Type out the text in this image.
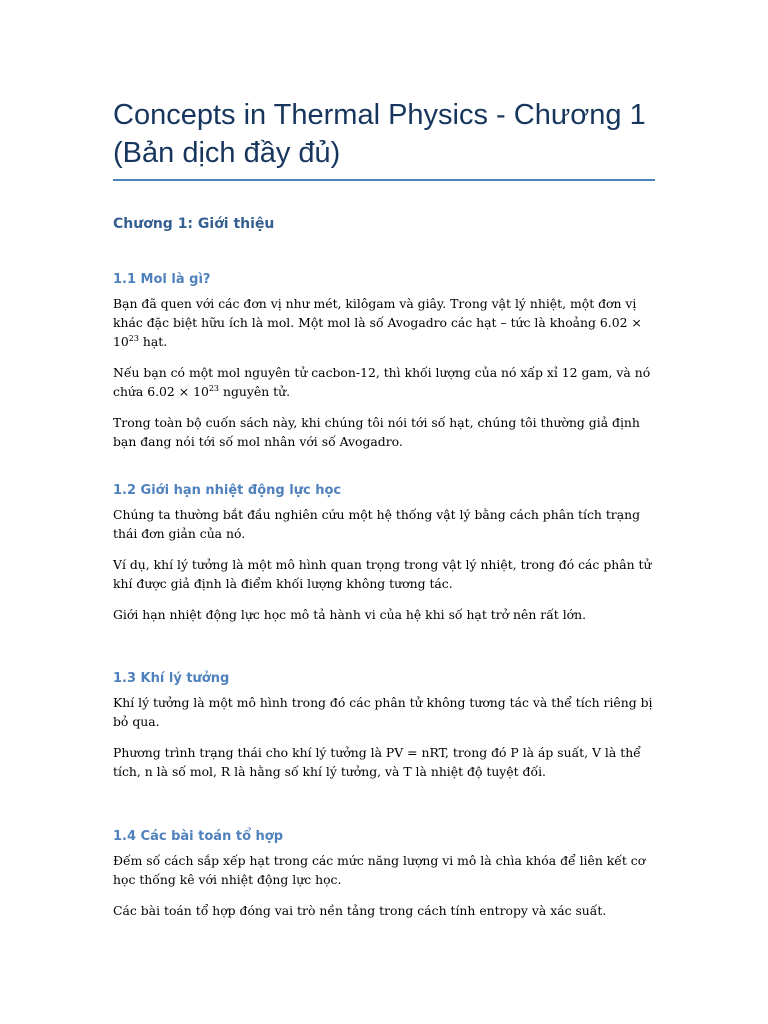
Concepts in Thermal Physics - Chương 1
(Bản dịch đầy đủ)
Chương 1: Giới thiệu
1.1 Mol là gì?

Bạn đã quen với các đơn vị như mét, kilôgam và giây. Trong vật lý nhiệt, một đơn vị khác đặc biệt hữu ích là mol. Một mol là số Avogadro các hạt – tức là khoảng $6.02 \times 10^{23}$ hạt.

Nếu bạn có một mol nguyên tử cacbon-12, thì khối lượng của nó xấp xỉ 12 gam, và nó chứa $6.02 \times 10^{23}$ nguyên tử.

Trong toàn bộ cuốn sách này, khi chúng tôi nói tới số hạt, chúng tôi thường giả định bạn đang nói tới số mol nhân với số Avogadro.

1.2 Giới hạn nhiệt động lực học

Chúng ta thường bắt đầu nghiên cứu một hệ thống vật lý bằng cách phân tích trạng thái đơn giản của nó.

Ví dụ, khí lý tưởng là một mô hình quan trọng trong vật lý nhiệt, trong đó các phân tử khí được giả định là điểm khối lượng không tương tác.

Giới hạn nhiệt động lực học mô tả hành vi của hệ khi số hạt trở nên rất lớn.

1.3 Khí lý tưởng

Khí lý tưởng là một mô hình trong đó các phân tử không tương tác và thể tích riêng bị bỏ qua.

Phương trình trạng thái cho khí lý tưởng là PV = nRT, trong đó P là áp suất, V là thể tích, n là số mol, R là hằng số khí lý tưởng, và T là nhiệt độ tuyệt đối.

1.4 Các bài toán tổ hợp

Đếm số cách sắp xếp hạt trong các mức năng lượng vi mô là chìa khóa để liên kết cơ học thống kê với nhiệt động lực học.

Các bài toán tổ hợp đóng vai trò nền tảng trong cách tính entropy và xác suất.
